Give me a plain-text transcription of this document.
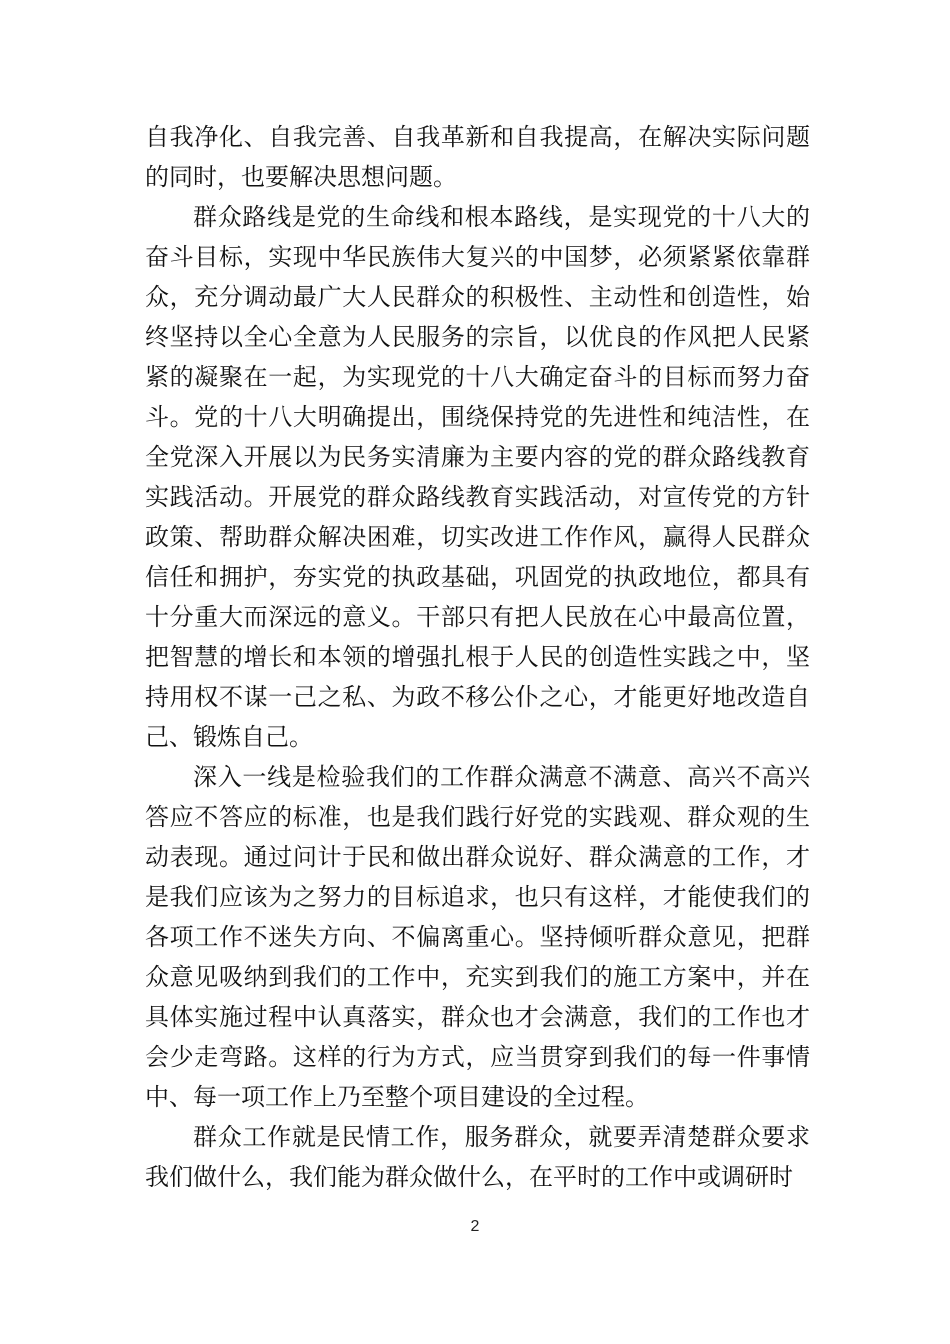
自我净化、自我完善、自我革新和自我提高，在解决实际问题的同时，也要解决思想问题。

群众路线是党的生命线和根本路线，是实现党的十八大的奋斗目标，实现中华民族伟大复兴的中国梦，必须紧紧依靠群众，充分调动最广大人民群众的积极性、主动性和创造性，始终坚持以全心全意为人民服务的宗旨，以优良的作风把人民紧紧的凝聚在一起，为实现党的十八大确定奋斗的目标而努力奋斗。党的十八大明确提出，围绕保持党的先进性和纯洁性，在全党深入开展以为民务实清廉为主要内容的党的群众路线教育实践活动。开展党的群众路线教育实践活动，对宣传党的方针政策、帮助群众解决困难，切实改进工作作风，赢得人民群众信任和拥护，夯实党的执政基础，巩固党的执政地位，都具有十分重大而深远的意义。干部只有把人民放在心中最高位置，把智慧的增长和本领的增强扎根于人民的创造性实践之中，坚持用权不谋一己之私、为政不移公仆之心，才能更好地改造自己、锻炼自己。

深入一线是检验我们的工作群众满意不满意、高兴不高兴答应不答应的标准，也是我们践行好党的实践观、群众观的生动表现。通过问计于民和做出群众说好、群众满意的工作，才是我们应该为之努力的目标追求，也只有这样，才能使我们的各项工作不迷失方向、不偏离重心。坚持倾听群众意见，把群众意见吸纳到我们的工作中，充实到我们的施工方案中，并在具体实施过程中认真落实，群众也才会满意，我们的工作也才会少走弯路。这样的行为方式，应当贯穿到我们的每一件事情中、每一项工作上乃至整个项目建设的全过程。

群众工作就是民情工作，服务群众，就要弄清楚群众要求我们做什么，我们能为群众做什么，在平时的工作中或调研时

2
